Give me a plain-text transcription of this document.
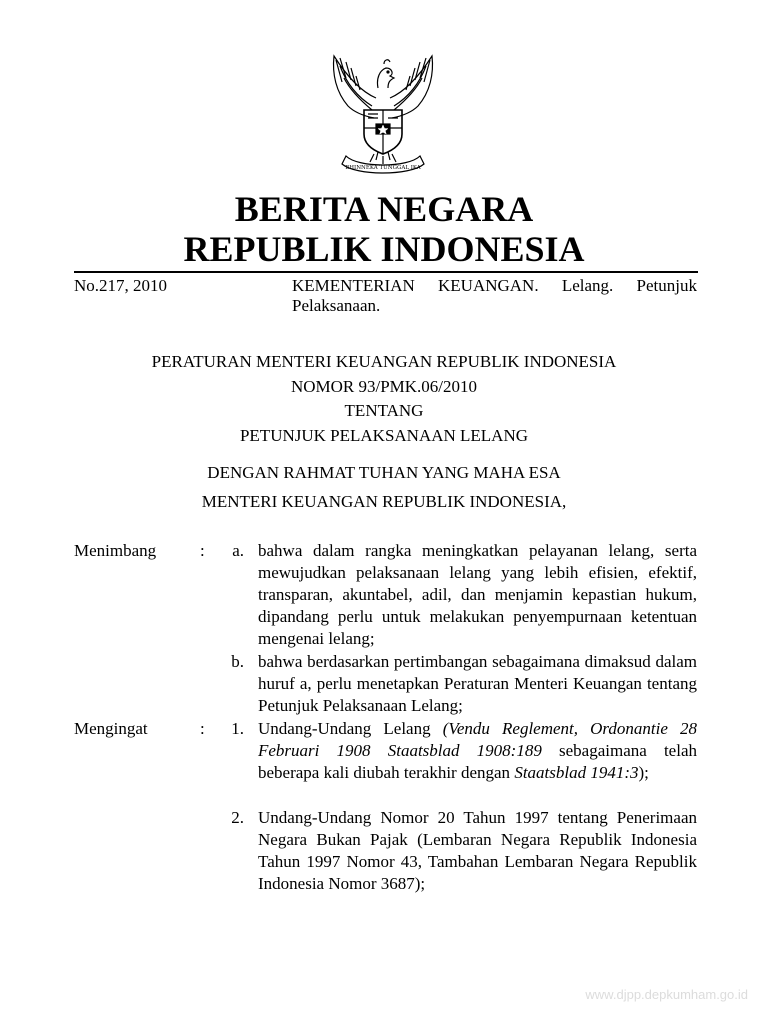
BHINNEKA TUNGGAL IKA
BERITA NEGARA
REPUBLIK INDONESIA
No.217, 2010	KEMENTERIAN KEUANGAN. Lelang. Petunjuk Pelaksanaan.
PERATURAN MENTERI KEUANGAN REPUBLIK INDONESIA
NOMOR 93/PMK.06/2010
TENTANG
PETUNJUK PELAKSANAAN LELANG
DENGAN RAHMAT TUHAN YANG MAHA ESA
MENTERI KEUANGAN REPUBLIK INDONESIA,
Menimbang	:	a. bahwa dalam rangka meningkatkan pelayanan lelang, serta mewujudkan pelaksanaan lelang yang lebih efisien, efektif, transparan, akuntabel, adil, dan menjamin kepastian hukum, dipandang perlu untuk melakukan penyempurnaan ketentuan mengenai lelang;

b. bahwa berdasarkan pertimbangan sebagaimana dimaksud dalam huruf a, perlu menetapkan Peraturan Menteri Keuangan tentang Petunjuk Pelaksanaan Lelang;

Mengingat	:	1. Undang-Undang Lelang (Vendu Reglement, Ordonantie 28 Februari 1908 Staatsblad 1908:189 sebagaimana telah beberapa kali diubah terakhir dengan Staatsblad 1941:3);

2. Undang-Undang Nomor 20 Tahun 1997 tentang Penerimaan Negara Bukan Pajak (Lembaran Negara Republik Indonesia Tahun 1997 Nomor 43, Tambahan Lembaran Negara Republik Indonesia Nomor 3687);

www.djpp.depkumham.go.id
